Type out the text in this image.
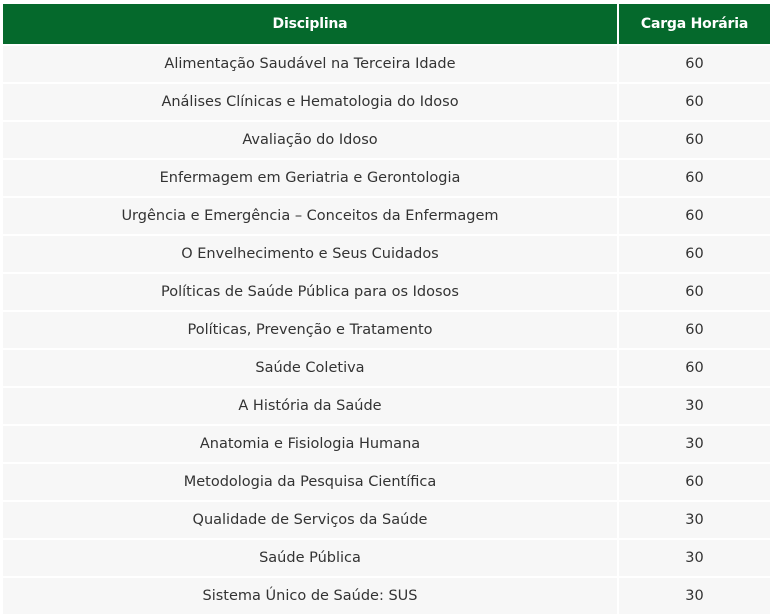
Disciplina	Carga Horária
Alimentação Saudável na Terceira Idade	60
Análises Clínicas e Hematologia do Idoso	60
Avaliação do Idoso	60
Enfermagem em Geriatria e Gerontologia	60
Urgência e Emergência – Conceitos da Enfermagem	60
O Envelhecimento e Seus Cuidados	60
Políticas de Saúde Pública para os Idosos	60
Políticas, Prevenção e Tratamento	60
Saúde Coletiva	60
A História da Saúde	30
Anatomia e Fisiologia Humana	30
Metodologia da Pesquisa Científica	60
Qualidade de Serviços da Saúde	30
Saúde Pública	30
Sistema Único de Saúde: SUS	30
